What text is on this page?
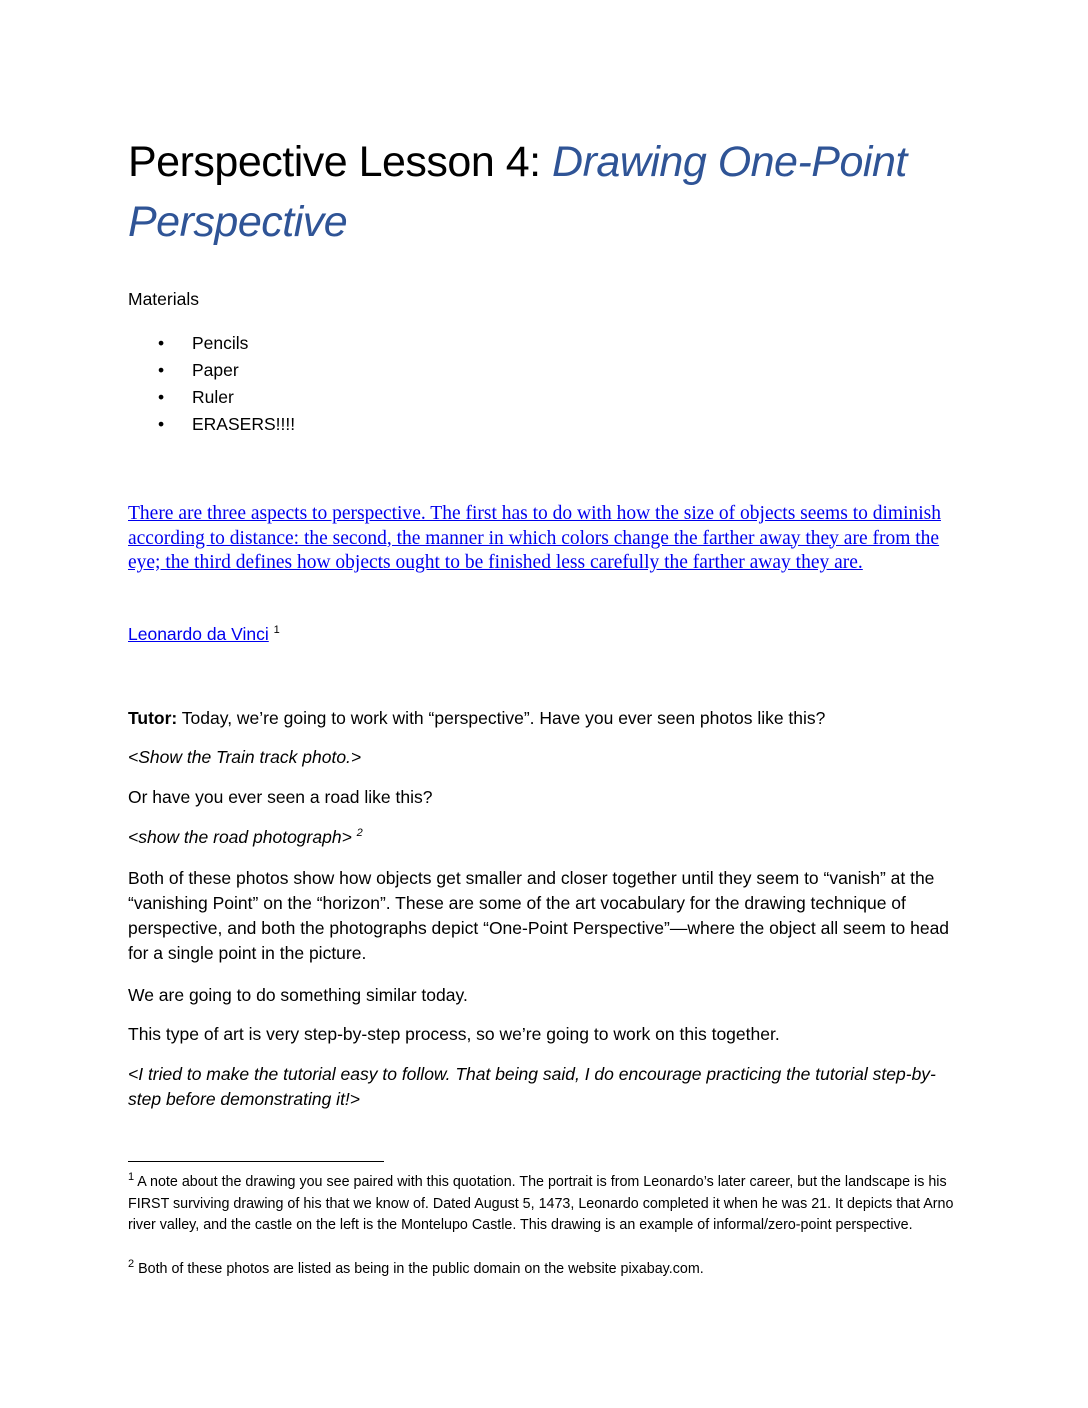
Perspective Lesson 4: Drawing One-Point Perspective
Materials
• Pencils
• Paper
• Ruler
• ERASERS!!!!
There are three aspects to perspective. The first has to do with how the size of objects seems to diminish according to distance: the second, the manner in which colors change the farther away they are from the eye; the third defines how objects ought to be finished less carefully the farther away they are.
Leonardo da Vinci $^1$

Tutor: Today, we’re going to work with “perspective”. Have you ever seen photos like this?

<Show the Train track photo.>

Or have you ever seen a road like this?

<show the road photograph> $^2$

Both of these photos show how objects get smaller and closer together until they seem to “vanish” at the “vanishing Point” on the “horizon”. These are some of the art vocabulary for the drawing technique of perspective, and both the photographs depict “One-Point Perspective”—where the object all seem to head for a single point in the picture.

We are going to do something similar today.

This type of art is very step-by-step process, so we’re going to work on this together.

<I tried to make the tutorial easy to follow. That being said, I do encourage practicing the tutorial step-by-step before demonstrating it!>

$^1$ A note about the drawing you see paired with this quotation. The portrait is from Leonardo’s later career, but the landscape is his FIRST surviving drawing of his that we know of. Dated August 5, 1473, Leonardo completed it when he was 21. It depicts that Arno river valley, and the castle on the left is the Montelupo Castle. This drawing is an example of informal/zero-point perspective.

$^2$ Both of these photos are listed as being in the public domain on the website pixabay.com.
